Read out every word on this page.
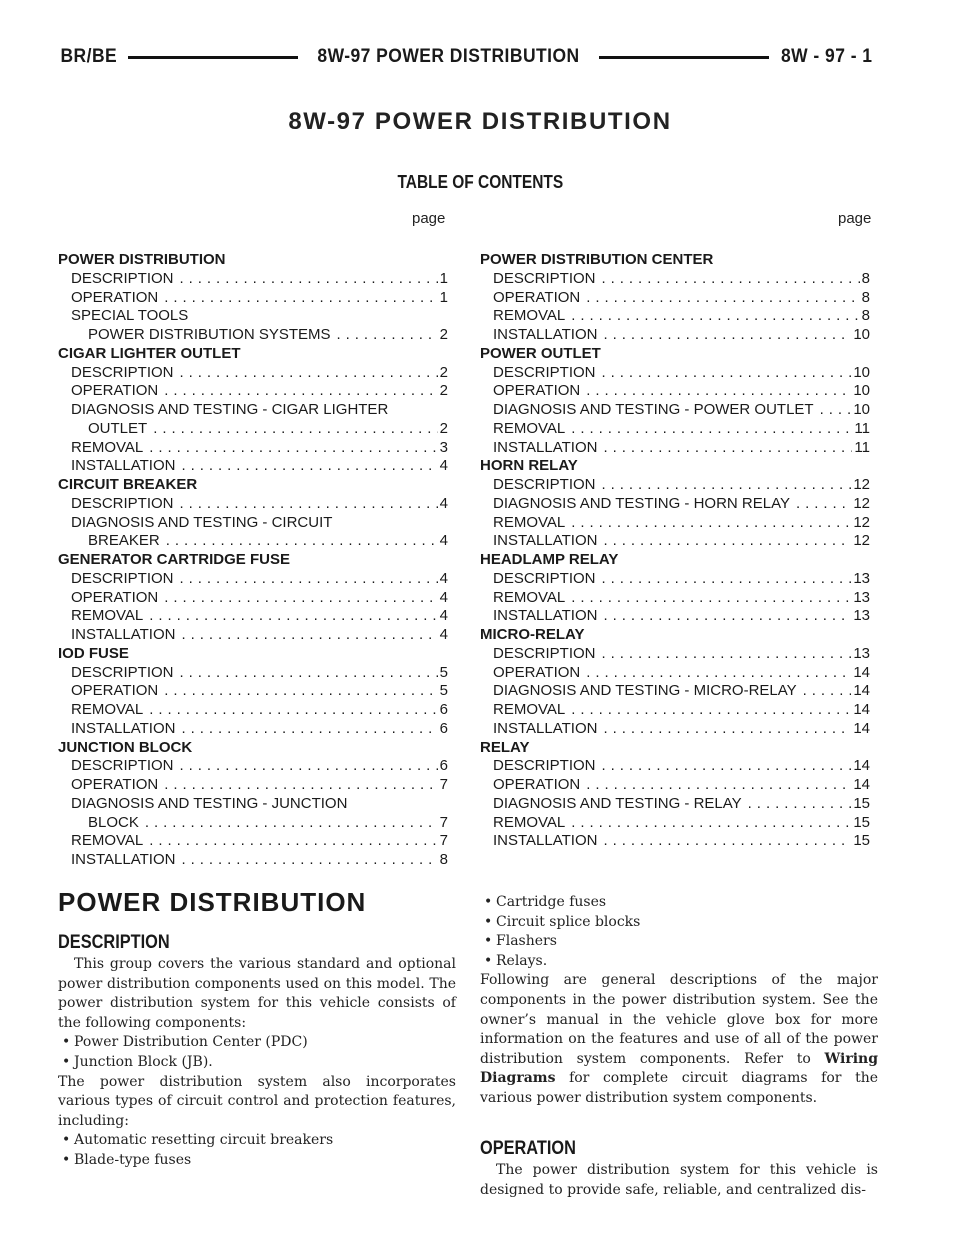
BR/BE	8W-97 POWER DISTRIBUTION	8W - 97 - 1
8W-97 POWER DISTRIBUTION
TABLE OF CONTENTS
page	page
POWER DISTRIBUTION
DESCRIPTION . . .	1
OPERATION . . .	1
SPECIAL TOOLS
POWER DISTRIBUTION SYSTEMS . . .	2
CIGAR LIGHTER OUTLET
DESCRIPTION . . .	2
OPERATION . . .	2
DIAGNOSIS AND TESTING - CIGAR LIGHTER
OUTLET . . .	2
REMOVAL . . .	3
INSTALLATION . . .	4
CIRCUIT BREAKER
DESCRIPTION . . .	4
DIAGNOSIS AND TESTING - CIRCUIT
BREAKER . . .	4
GENERATOR CARTRIDGE FUSE
DESCRIPTION . . .	4
OPERATION . . .	4
REMOVAL . . .	4
INSTALLATION . . .	4
IOD FUSE
DESCRIPTION . . .	5
OPERATION . . .	5
REMOVAL . . .	6
INSTALLATION . . .	6
JUNCTION BLOCK
DESCRIPTION . . .	6
OPERATION . . .	7
DIAGNOSIS AND TESTING - JUNCTION
BLOCK . . .	7
REMOVAL . . .	7
INSTALLATION . . .	8
POWER DISTRIBUTION CENTER
DESCRIPTION . . .	8
OPERATION . . .	8
REMOVAL . . .	8
INSTALLATION . . .	10
POWER OUTLET
DESCRIPTION . . .	10
OPERATION . . .	10
DIAGNOSIS AND TESTING - POWER OUTLET . . .	10
REMOVAL . . .	11
INSTALLATION . . .	11
HORN RELAY
DESCRIPTION . . .	12
DIAGNOSIS AND TESTING - HORN RELAY . . .	12
REMOVAL . . .	12
INSTALLATION . . .	12
HEADLAMP RELAY
DESCRIPTION . . .	13
REMOVAL . . .	13
INSTALLATION . . .	13
MICRO-RELAY
DESCRIPTION . . .	13
OPERATION . . .	14
DIAGNOSIS AND TESTING - MICRO-RELAY . . .	14
REMOVAL . . .	14
INSTALLATION . . .	14
RELAY
DESCRIPTION . . .	14
OPERATION . . .	14
DIAGNOSIS AND TESTING - RELAY . . .	15
REMOVAL . . .	15
INSTALLATION . . .	15
POWER DISTRIBUTION
DESCRIPTION

This group covers the various standard and optional power distribution components used on this model. The power distribution system for this vehicle consists of the following components:

• Power Distribution Center (PDC)

• Junction Block (JB).

The power distribution system also incorporates various types of circuit control and protection features, including:

• Automatic resetting circuit breakers

• Blade-type fuses

• Cartridge fuses

• Circuit splice blocks

• Flashers

• Relays.

Following are general descriptions of the major components in the power distribution system. See the owner’s manual in the vehicle glove box for more information on the features and use of all of the power distribution system components. Refer to Wiring Diagrams for complete circuit diagrams for the various power distribution system components.

OPERATION

The power distribution system for this vehicle is designed to provide safe, reliable, and centralized dis-
